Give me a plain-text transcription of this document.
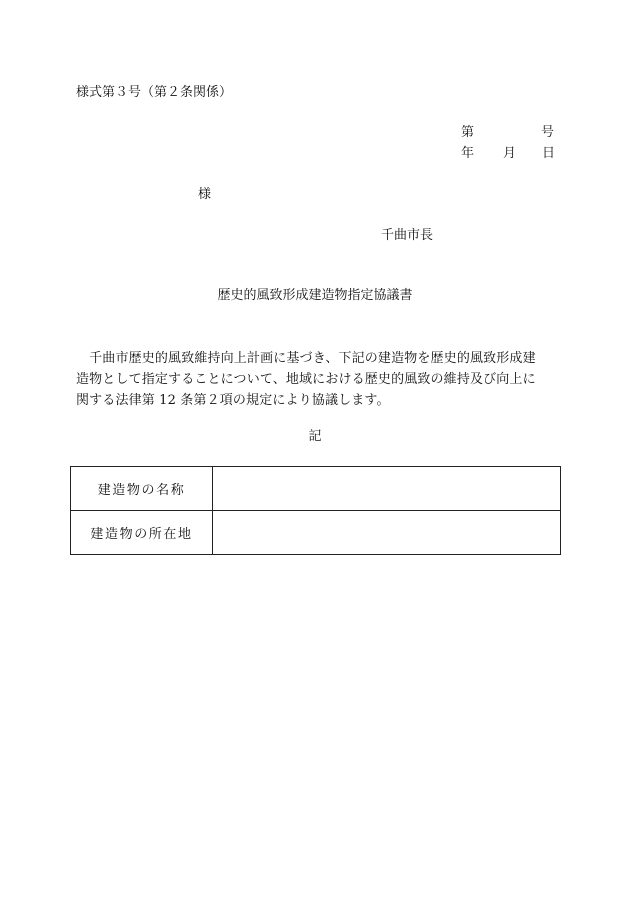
様式第３号（第２条関係）
第	号
年 月 日
様
千曲市長
歴史的風致形成建造物指定協議書
　千曲市歴史的風致維持向上計画に基づき、下記の建造物を歴史的風致形成建
造物として指定することについて、地域における歴史的風致の維持及び向上に
関する法律第 12 条第２項の規定により協議します。
記
建造物の名称	
建造物の所在地	
